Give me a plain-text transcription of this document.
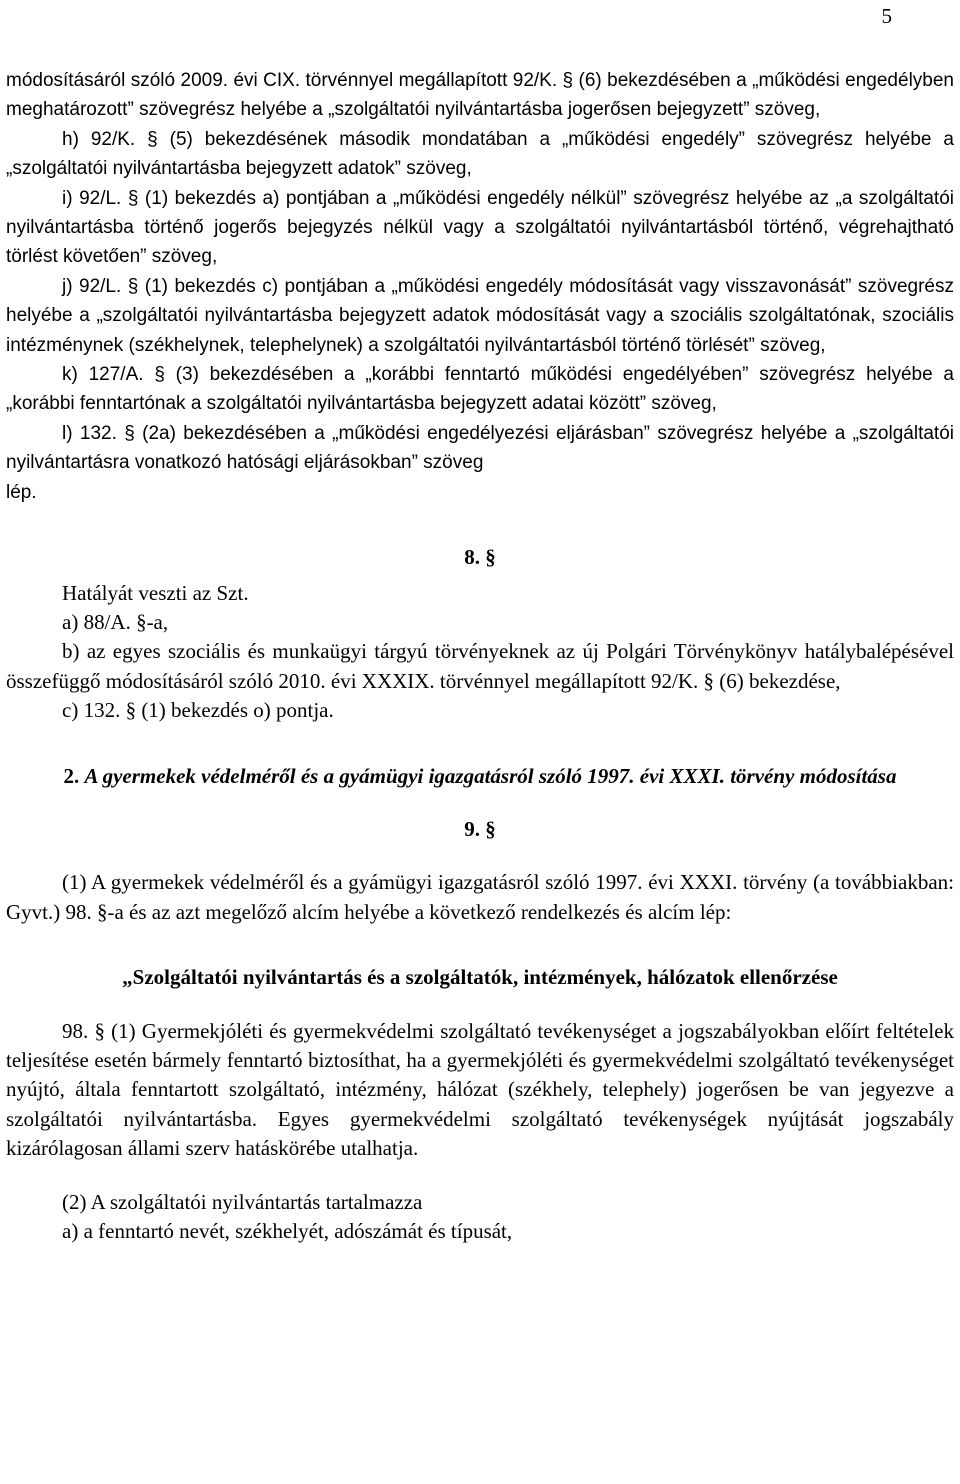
5

módosításáról szóló 2009. évi CIX. törvénnyel megállapított 92/K. § (6) bekezdésében a „működési engedélyben meghatározott” szövegrész helyébe a „szolgáltatói nyilvántartásba jogerősen bejegyzett” szöveg,

h) 92/K. § (5) bekezdésének második mondatában a „működési engedély” szövegrész helyébe a „szolgáltatói nyilvántartásba bejegyzett adatok” szöveg,

i) 92/L. § (1) bekezdés a) pontjában a „működési engedély nélkül” szövegrész helyébe az „a szolgáltatói nyilvántartásba történő jogerős bejegyzés nélkül vagy a szolgáltatói nyilvántartásból történő, végrehajtható törlést követően” szöveg,

j) 92/L. § (1) bekezdés c) pontjában a „működési engedély módosítását vagy visszavonását” szövegrész helyébe a „szolgáltatói nyilvántartásba bejegyzett adatok módosítását vagy a szociális szolgáltatónak, szociális intézménynek (székhelynek, telephelynek) a szolgáltatói nyilvántartásból történő törlését” szöveg,

k) 127/A. § (3) bekezdésében a „korábbi fenntartó működési engedélyében” szövegrész helyébe a „korábbi fenntartónak a szolgáltatói nyilvántartásba bejegyzett adatai között” szöveg,

l) 132. § (2a) bekezdésében a „működési engedélyezési eljárásban” szövegrész helyébe a „szolgáltatói nyilvántartásra vonatkozó hatósági eljárásokban” szöveg

lép.

8. §

Hatályát veszti az Szt.

a) 88/A. §-a,

b) az egyes szociális és munkaügyi tárgyú törvényeknek az új Polgári Törvénykönyv hatálybalépésével összefüggő módosításáról szóló 2010. évi XXXIX. törvénnyel megállapított 92/K. § (6) bekezdése,

c) 132. § (1) bekezdés o) pontja.

2. A gyermekek védelméről és a gyámügyi igazgatásról szóló 1997. évi XXXI. törvény módosítása

9. §

(1) A gyermekek védelméről és a gyámügyi igazgatásról szóló 1997. évi XXXI. törvény (a továbbiakban: Gyvt.) 98. §-a és az azt megelőző alcím helyébe a következő rendelkezés és alcím lép:

„Szolgáltatói nyilvántartás és a szolgáltatók, intézmények, hálózatok ellenőrzése

98. § (1) Gyermekjóléti és gyermekvédelmi szolgáltató tevékenységet a jogszabályokban előírt feltételek teljesítése esetén bármely fenntartó biztosíthat, ha a gyermekjóléti és gyermekvédelmi szolgáltató tevékenységet nyújtó, általa fenntartott szolgáltató, intézmény, hálózat (székhely, telephely) jogerősen be van jegyezve a szolgáltatói nyilvántartásba. Egyes gyermekvédelmi szolgáltató tevékenységek nyújtását jogszabály kizárólagosan állami szerv hatáskörébe utalhatja.

(2) A szolgáltatói nyilvántartás tartalmazza

a) a fenntartó nevét, székhelyét, adószámát és típusát,
